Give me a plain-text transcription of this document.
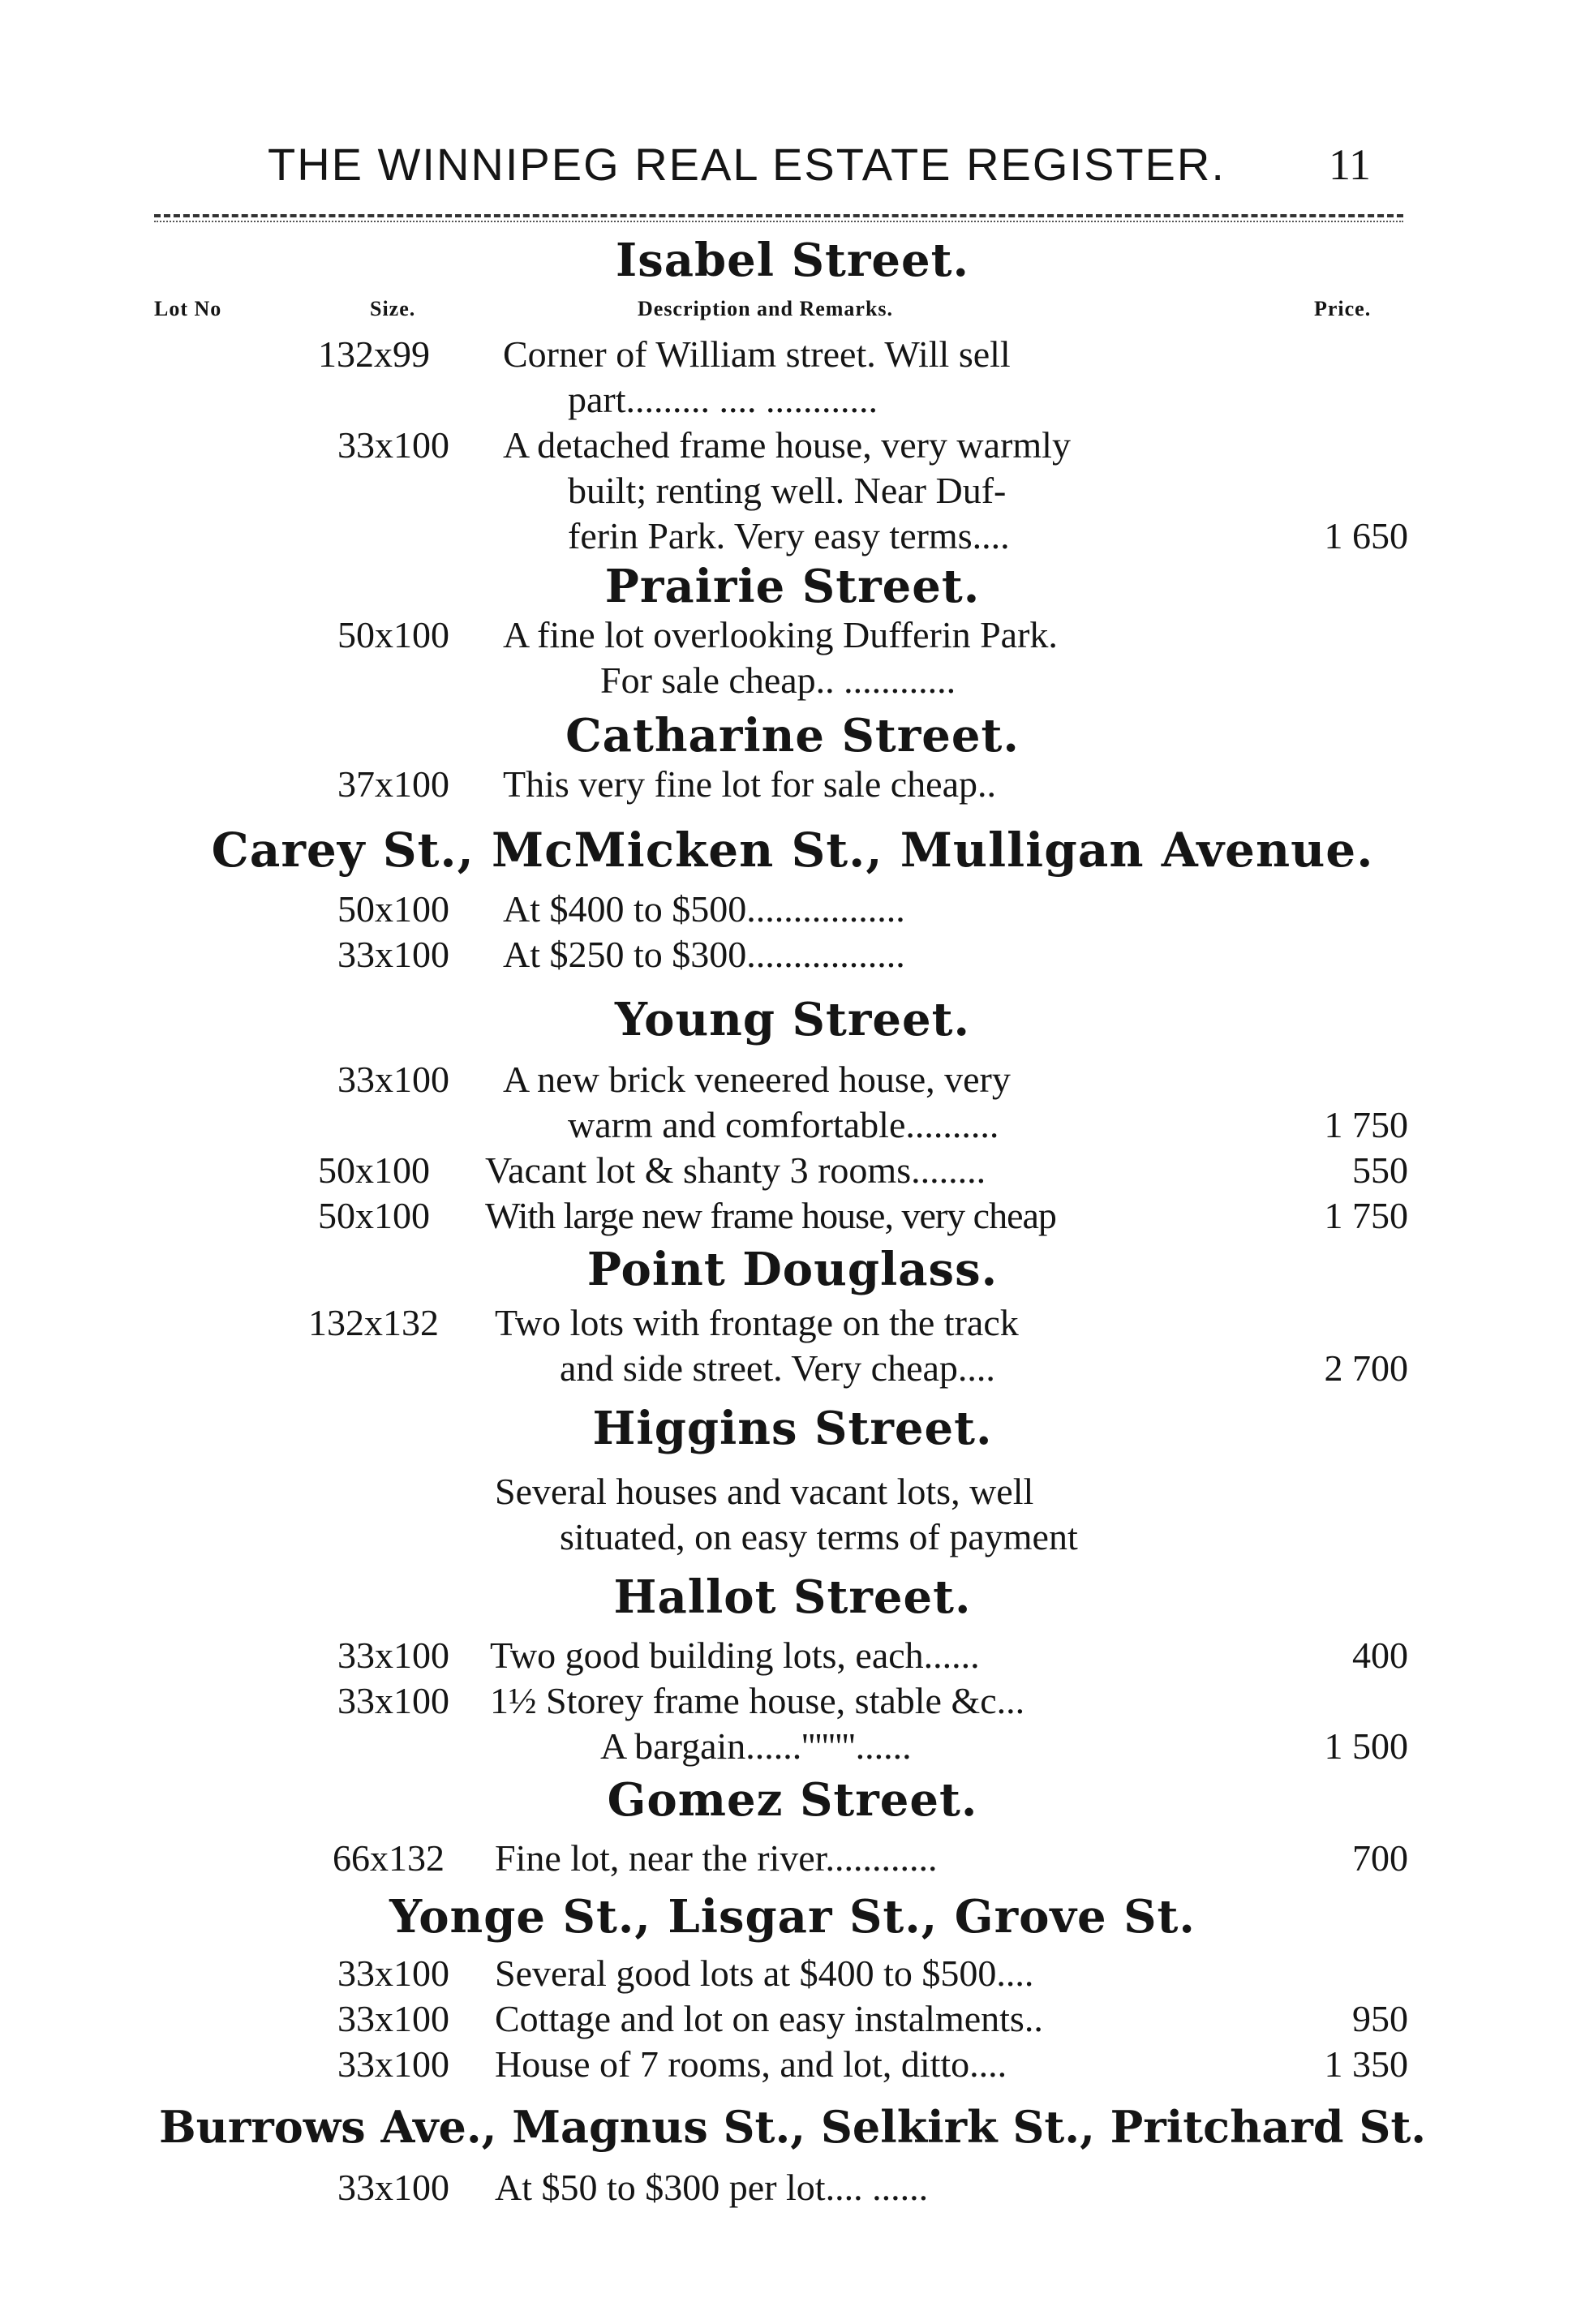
THE WINNIPEG REAL ESTATE REGISTER. 11
Lot No	Size.	Description and Remarks.	Price.
Isabel Street.
132x99 Corner of William street. Will sell
part......... .... ............
33x100 A detached frame house, very warmly
built; renting well. Near Duf-
ferin Park. Very easy terms....	1 650
Prairie Street.
50x100 A fine lot overlooking Dufferin Park.
For sale cheap.. ............
Catharine Street.
37x100 This very fine lot for sale cheap..
Carey St., McMicken St., Mulligan Avenue.
50x100 At $400 to $500.................
33x100 At $250 to $300.................
Young Street.
33x100 A new brick veneered house, very
warm and comfortable..........	1 750
50x100 Vacant lot & shanty 3 rooms........	550
50x100 With large new frame house, very cheap	1 750
Point Douglass.
132x132 Two lots with frontage on the track
and side street. Very cheap....	2 700
Higgins Street.
Several houses and vacant lots, well
situated, on easy terms of payment
Hallot Street.
33x100 Two good building lots, each......	400
33x100 1½ Storey frame house, stable &c...
A bargain......''''''''......	1 500
Gomez Street.
66x132 Fine lot, near the river............	700
Yonge St., Lisgar St., Grove St.
33x100 Several good lots at $400 to $500....
33x100 Cottage and lot on easy instalments..	950
33x100 House of 7 rooms, and lot, ditto....	1 350
Burrows Ave., Magnus St., Selkirk St., Pritchard St.
33x100 At $50 to $300 per lot.... ......
